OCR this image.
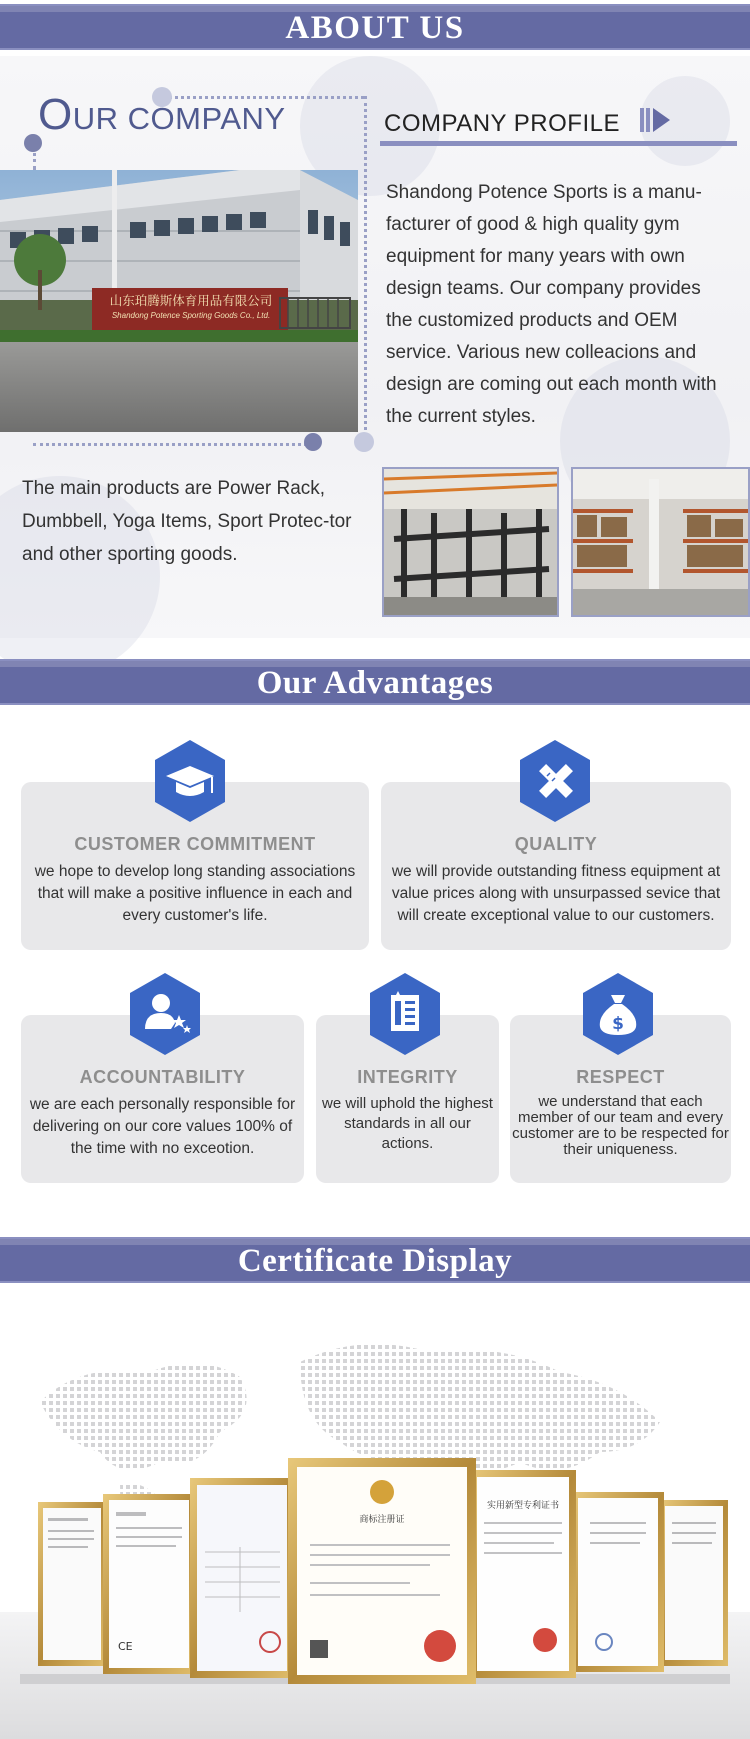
ABOUT US
OUR COMPANY
山东珀腾斯体育用品有限公司
Shandong Potence Sporting Goods Co., Ltd.
COMPANY PROFILE
Shandong Potence Sports is a manu-facturer of good & high quality gym equipment for many years with own design teams. Our company provides the customized products and OEM service. Various new colleacions and design are coming out each month with the current styles.
The main products are Power Rack, Dumbbell, Yoga Items, Sport Protec-tor and other sporting goods.
Our Advantages
CUSTOMER COMMITMENT
we hope to develop long standing associations that will make a positive influence in each and every customer's life.
QUALITY
we will provide outstanding fitness equipment at value prices along with unsurpassed sevice that will create exceptional value to our customers.
ACCOUNTABILITY
we are each personally responsible for delivering on our core values 100% of the time with no exceotion.
INTEGRITY
we will uphold the highest standards in all our actions.
RESPECT
we understand that each member of our team and every customer are to be respected for their uniqueness.
$
Certificate Display
CE
实用新型专利证书
商标注册证
